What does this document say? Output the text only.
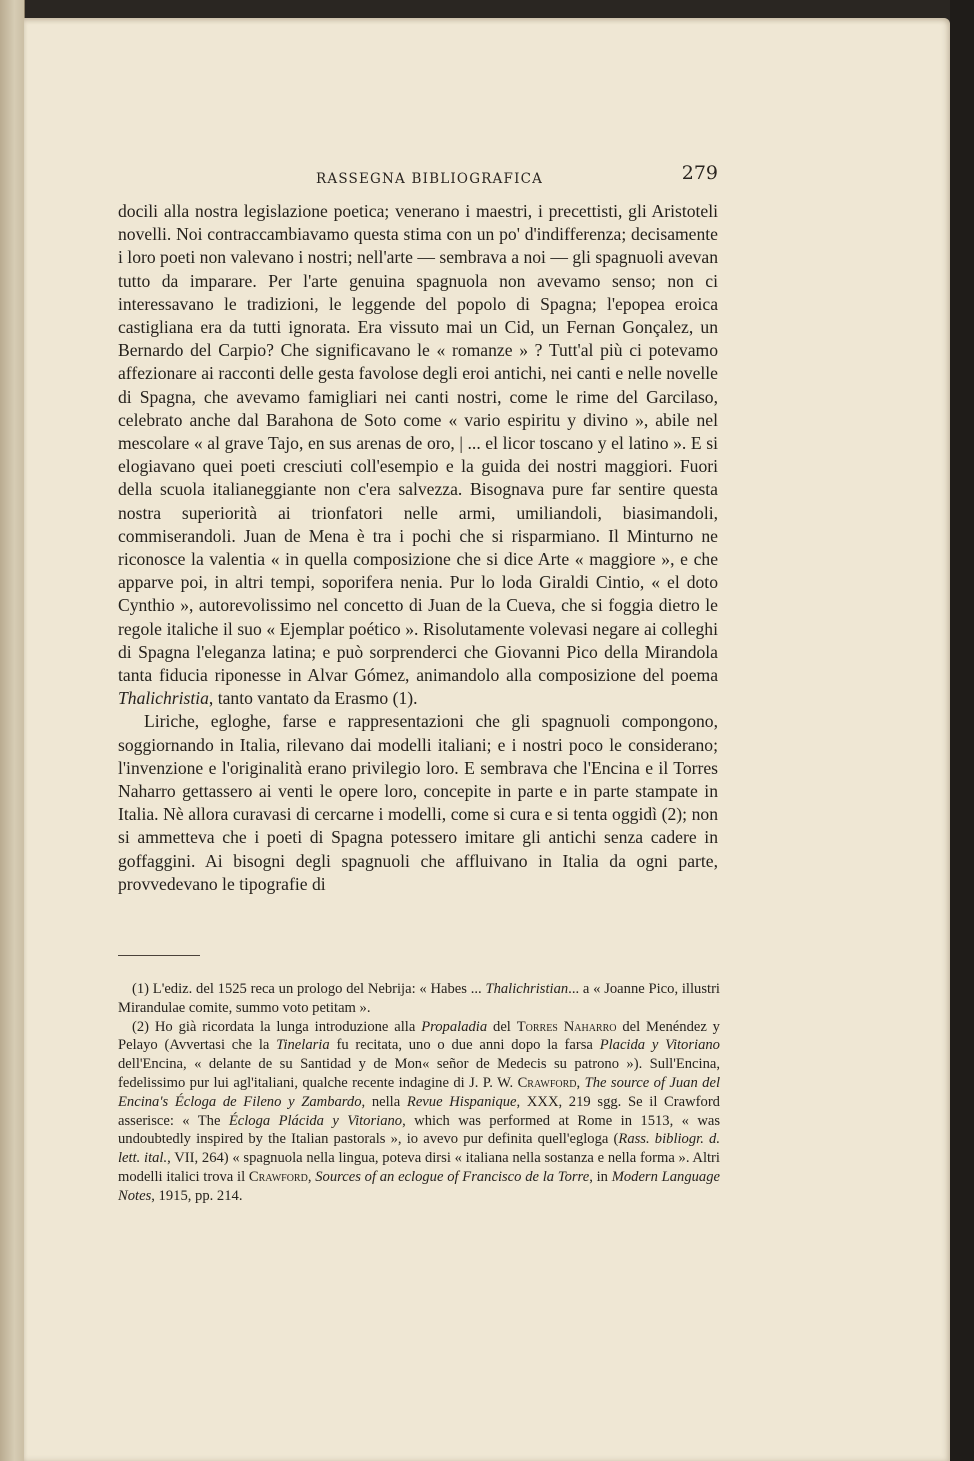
RASSEGNA BIBLIOGRAFICA	279

docili alla nostra legislazione poetica; venerano i maestri, i precettisti, gli Aristoteli novelli. Noi contraccambiavamo questa stima con un po' d'indifferenza; decisamente i loro poeti non valevano i nostri; nell'arte — sembrava a noi — gli spagnuoli avevan tutto da imparare. Per l'arte genuina spagnuola non avevamo senso; non ci interessavano le tradizioni, le leggende del popolo di Spagna; l'epopea eroica castigliana era da tutti ignorata. Era vissuto mai un Cid, un Fernan Gonçalez, un Bernardo del Carpio? Che significavano le « romanze » ? Tutt'al più ci potevamo affezionare ai racconti delle gesta favolose degli eroi antichi, nei canti e nelle novelle di Spagna, che avevamo famigliari nei canti nostri, come le rime del Garcilaso, celebrato anche dal Barahona de Soto come « vario espiritu y divino », abile nel mescolare « al grave Tajo, en sus arenas de oro, | ... el licor toscano y el latino ». E si elogiavano quei poeti cresciuti coll'esempio e la guida dei nostri maggiori. Fuori della scuola italianeggiante non c'era salvezza. Bisognava pure far sentire questa nostra superiorità ai trionfatori nelle armi, umiliandoli, biasimandoli, commiserandoli. Juan de Mena è tra i pochi che si risparmiano. Il Minturno ne riconosce la valentia « in quella composizione che si dice Arte « maggiore », e che apparve poi, in altri tempi, soporifera nenia. Pur lo loda Giraldi Cintio, « el doto Cynthio », autorevolissimo nel concetto di Juan de la Cueva, che si foggia dietro le regole italiche il suo « Ejemplar poético ». Risolutamente volevasi negare ai colleghi di Spagna l'eleganza latina; e può sorprenderci che Giovanni Pico della Mirandola tanta fiducia riponesse in Alvar Gómez, animandolo alla composizione del poema Thalichristia, tanto vantato da Erasmo (1).

Liriche, egloghe, farse e rappresentazioni che gli spagnuoli compongono, soggiornando in Italia, rilevano dai modelli italiani; e i nostri poco le considerano; l'invenzione e l'originalità erano privilegio loro. E sembrava che l'Encina e il Torres Naharro gettassero ai venti le opere loro, concepite in parte e in parte stampate in Italia. Nè allora curavasi di cercarne i modelli, come si cura e si tenta oggidì (2); non si ammetteva che i poeti di Spagna potessero imitare gli antichi senza cadere in goffaggini. Ai bisogni degli spagnuoli che affluivano in Italia da ogni parte, provvedevano le tipografie di

(1) L'ediz. del 1525 reca un prologo del Nebrija: « Habes ... Thalichristian... a « Joanne Pico, illustri Mirandulae comite, summo voto petitam ».

(2) Ho già ricordata la lunga introduzione alla Propaladia del Torres Naharro del Menéndez y Pelayo (Avvertasi che la Tinelaria fu recitata, uno o due anni dopo la farsa Placida y Vitoriano dell'Encina, « delante de su Santidad y de Mon« señor de Medecis su patrono »). Sull'Encina, fedelissimo pur lui agl'italiani, qualche recente indagine di J. P. W. Crawford, The source of Juan del Encina's Écloga de Fileno y Zambardo, nella Revue Hispanique, XXX, 219 sgg. Se il Crawford asserisce: « The Écloga Plácida y Vitoriano, which was performed at Rome in 1513, « was undoubtedly inspired by the Italian pastorals », io avevo pur definita quell'egloga (Rass. bibliogr. d. lett. ital., VII, 264) « spagnuola nella lingua, poteva dirsi « italiana nella sostanza e nella forma ». Altri modelli italici trova il Crawford, Sources of an eclogue of Francisco de la Torre, in Modern Language Notes, 1915, pp. 214.
